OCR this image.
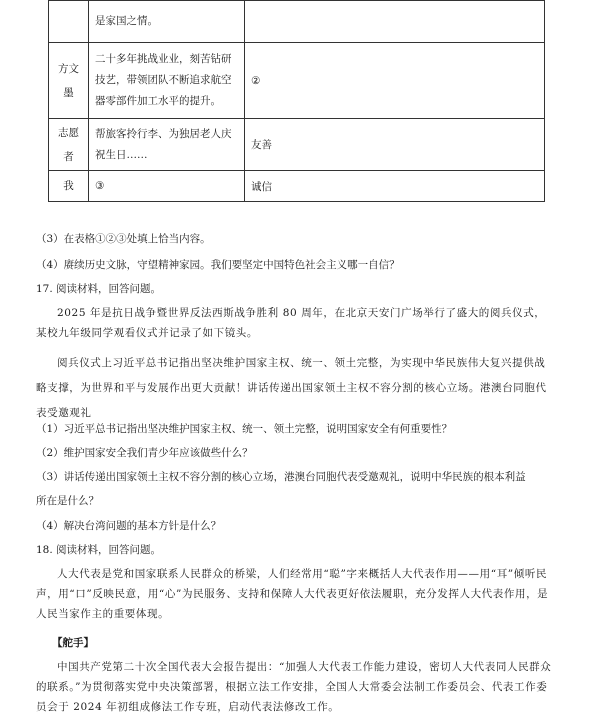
	是家国之情。	
方文墨	二十多年挑战业业，刻苦钻研技艺，带领团队不断追求航空器零部件加工水平的提升。	②
志愿者	帮旅客拎行李、为独居老人庆祝生日……	友善
我	③	诚信
（3）在表格①②③处填上恰当内容。
（4）赓续历史文脉，守望精神家园。我们要坚定中国特色社会主义哪一自信？
17. 阅读材料，回答问题。
2025 年是抗日战争暨世界反法西斯战争胜利 80 周年，在北京天安门广场举行了盛大的阅兵仪式，某校九年级同学观看仪式并记录了如下镜头。
阅兵仪式上习近平总书记指出坚决维护国家主权、统一、领土完整，为实现中华民族伟大复兴提供战略支撑，为世界和平与发展作出更大贡献！讲话传递出国家领土主权不容分割的核心立场。港澳台同胞代表受邀观礼
（1）习近平总书记指出坚决维护国家主权、统一、领土完整，说明国家安全有何重要性？
（2）维护国家安全我们青少年应该做些什么？
（3）讲话传递出国家领土主权不容分割的核心立场，港澳台同胞代表受邀观礼，说明中华民族的根本利益
所在是什么？
（4）解决台湾问题的基本方针是什么？
18. 阅读材料，回答问题。
人大代表是党和国家联系人民群众的桥梁，人们经常用“聪”字来概括人大代表作用——用“耳”倾听民声，用“口”反映民意，用“心”为民服务、支持和保障人大代表更好依法履职，充分发挥人大代表作用，是人民当家作主的重要体现。
【舵手】
中国共产党第二十次全国代表大会报告提出：“加强人大代表工作能力建设，密切人大代表同人民群众的联系。”为贯彻落实党中央决策部署，根据立法工作安排，全国人大常委会法制工作委员会、代表工作委员会于 2024 年初组成修法工作专班，启动代表法修改工作。
